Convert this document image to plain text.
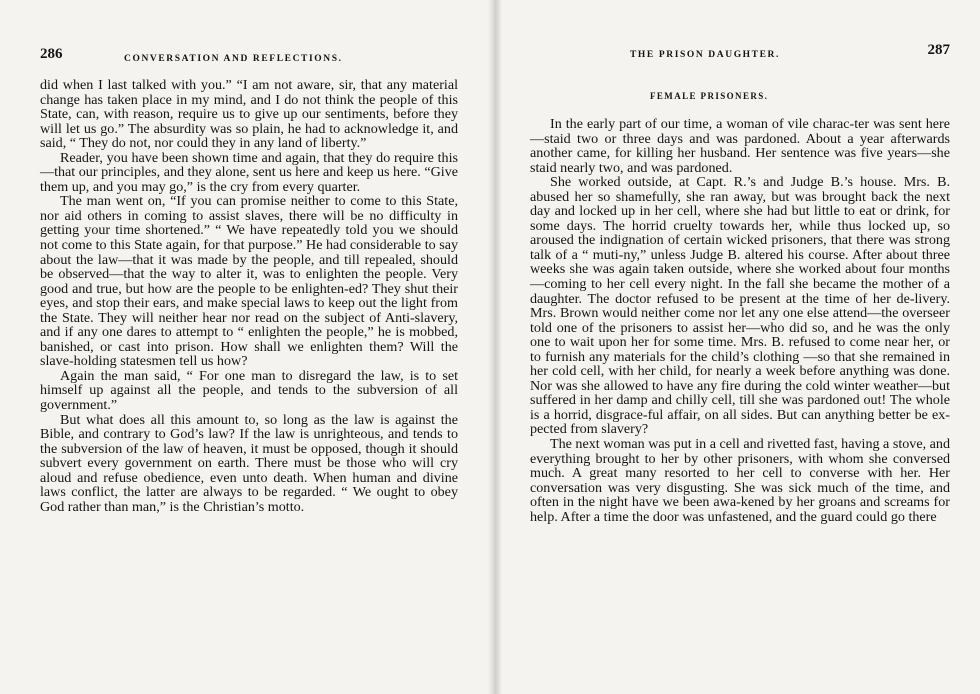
286	CONVERSATION AND REFLECTIONS.

did when I last talked with you.” “I am not aware, sir, that any material change has taken place in my mind, and I do not think the people of this State, can, with reason, require us to give up our sentiments, before they will let us go.” The absurdity was so plain, he had to acknowledge it, and said, “ They do not, nor could they in any land of liberty.”

Reader, you have been shown time and again, that they do require this—that our principles, and they alone, sent us here and keep us here. “Give them up, and you may go,” is the cry from every quarter.

The man went on, “If you can promise neither to come to this State, nor aid others in coming to assist slaves, there will be no difficulty in getting your time shortened.” “ We have repeatedly told you we should not come to this State again, for that purpose.” He had considerable to say about the law—that it was made by the people, and till repealed, should be observed—that the way to alter it, was to enlighten the people. Very good and true, but how are the people to be enlighten-ed? They shut their eyes, and stop their ears, and make special laws to keep out the light from the State. They will neither hear nor read on the subject of Anti-slavery, and if any one dares to attempt to “ enlighten the people,” he is mobbed, banished, or cast into prison. How shall we enlighten them? Will the slave-holding statesmen tell us how?

Again the man said, “ For one man to disregard the law, is to set himself up against all the people, and tends to the subversion of all government.”

But what does all this amount to, so long as the law is against the Bible, and contrary to God’s law? If the law is unrighteous, and tends to the subversion of the law of heaven, it must be opposed, though it should subvert every government on earth. There must be those who will cry aloud and refuse obedience, even unto death. When human and divine laws conflict, the latter are always to be regarded. “ We ought to obey God rather than man,” is the Christian’s motto.

THE PRISON DAUGHTER.	287
FEMALE PRISONERS.

In the early part of our time, a woman of vile charac-ter was sent here—staid two or three days and was pardoned. About a year afterwards another came, for killing her husband. Her sentence was five years—she staid nearly two, and was pardoned.

She worked outside, at Capt. R.’s and Judge B.’s house. Mrs. B. abused her so shamefully, she ran away, but was brought back the next day and locked up in her cell, where she had but little to eat or drink, for some days. The horrid cruelty towards her, while thus locked up, so aroused the indignation of certain wicked prisoners, that there was strong talk of a “ muti-ny,” unless Judge B. altered his course. After about three weeks she was again taken outside, where she worked about four months—coming to her cell every night. In the fall she became the mother of a daughter. The doctor refused to be present at the time of her de-livery. Mrs. Brown would neither come nor let any one else attend—the overseer told one of the prisoners to assist her—who did so, and he was the only one to wait upon her for some time. Mrs. B. refused to come near her, or to furnish any materials for the child’s clothing —so that she remained in her cold cell, with her child, for nearly a week before anything was done. Nor was she allowed to have any fire during the cold winter weather—but suffered in her damp and chilly cell, till she was pardoned out! The whole is a horrid, disgrace-ful affair, on all sides. But can anything better be ex-pected from slavery?

The next woman was put in a cell and rivetted fast, having a stove, and everything brought to her by other prisoners, with whom she conversed much. A great many resorted to her cell to converse with her. Her conversation was very disgusting. She was sick much of the time, and often in the night have we been awa-kened by her groans and screams for help. After a time the door was unfastened, and the guard could go there
